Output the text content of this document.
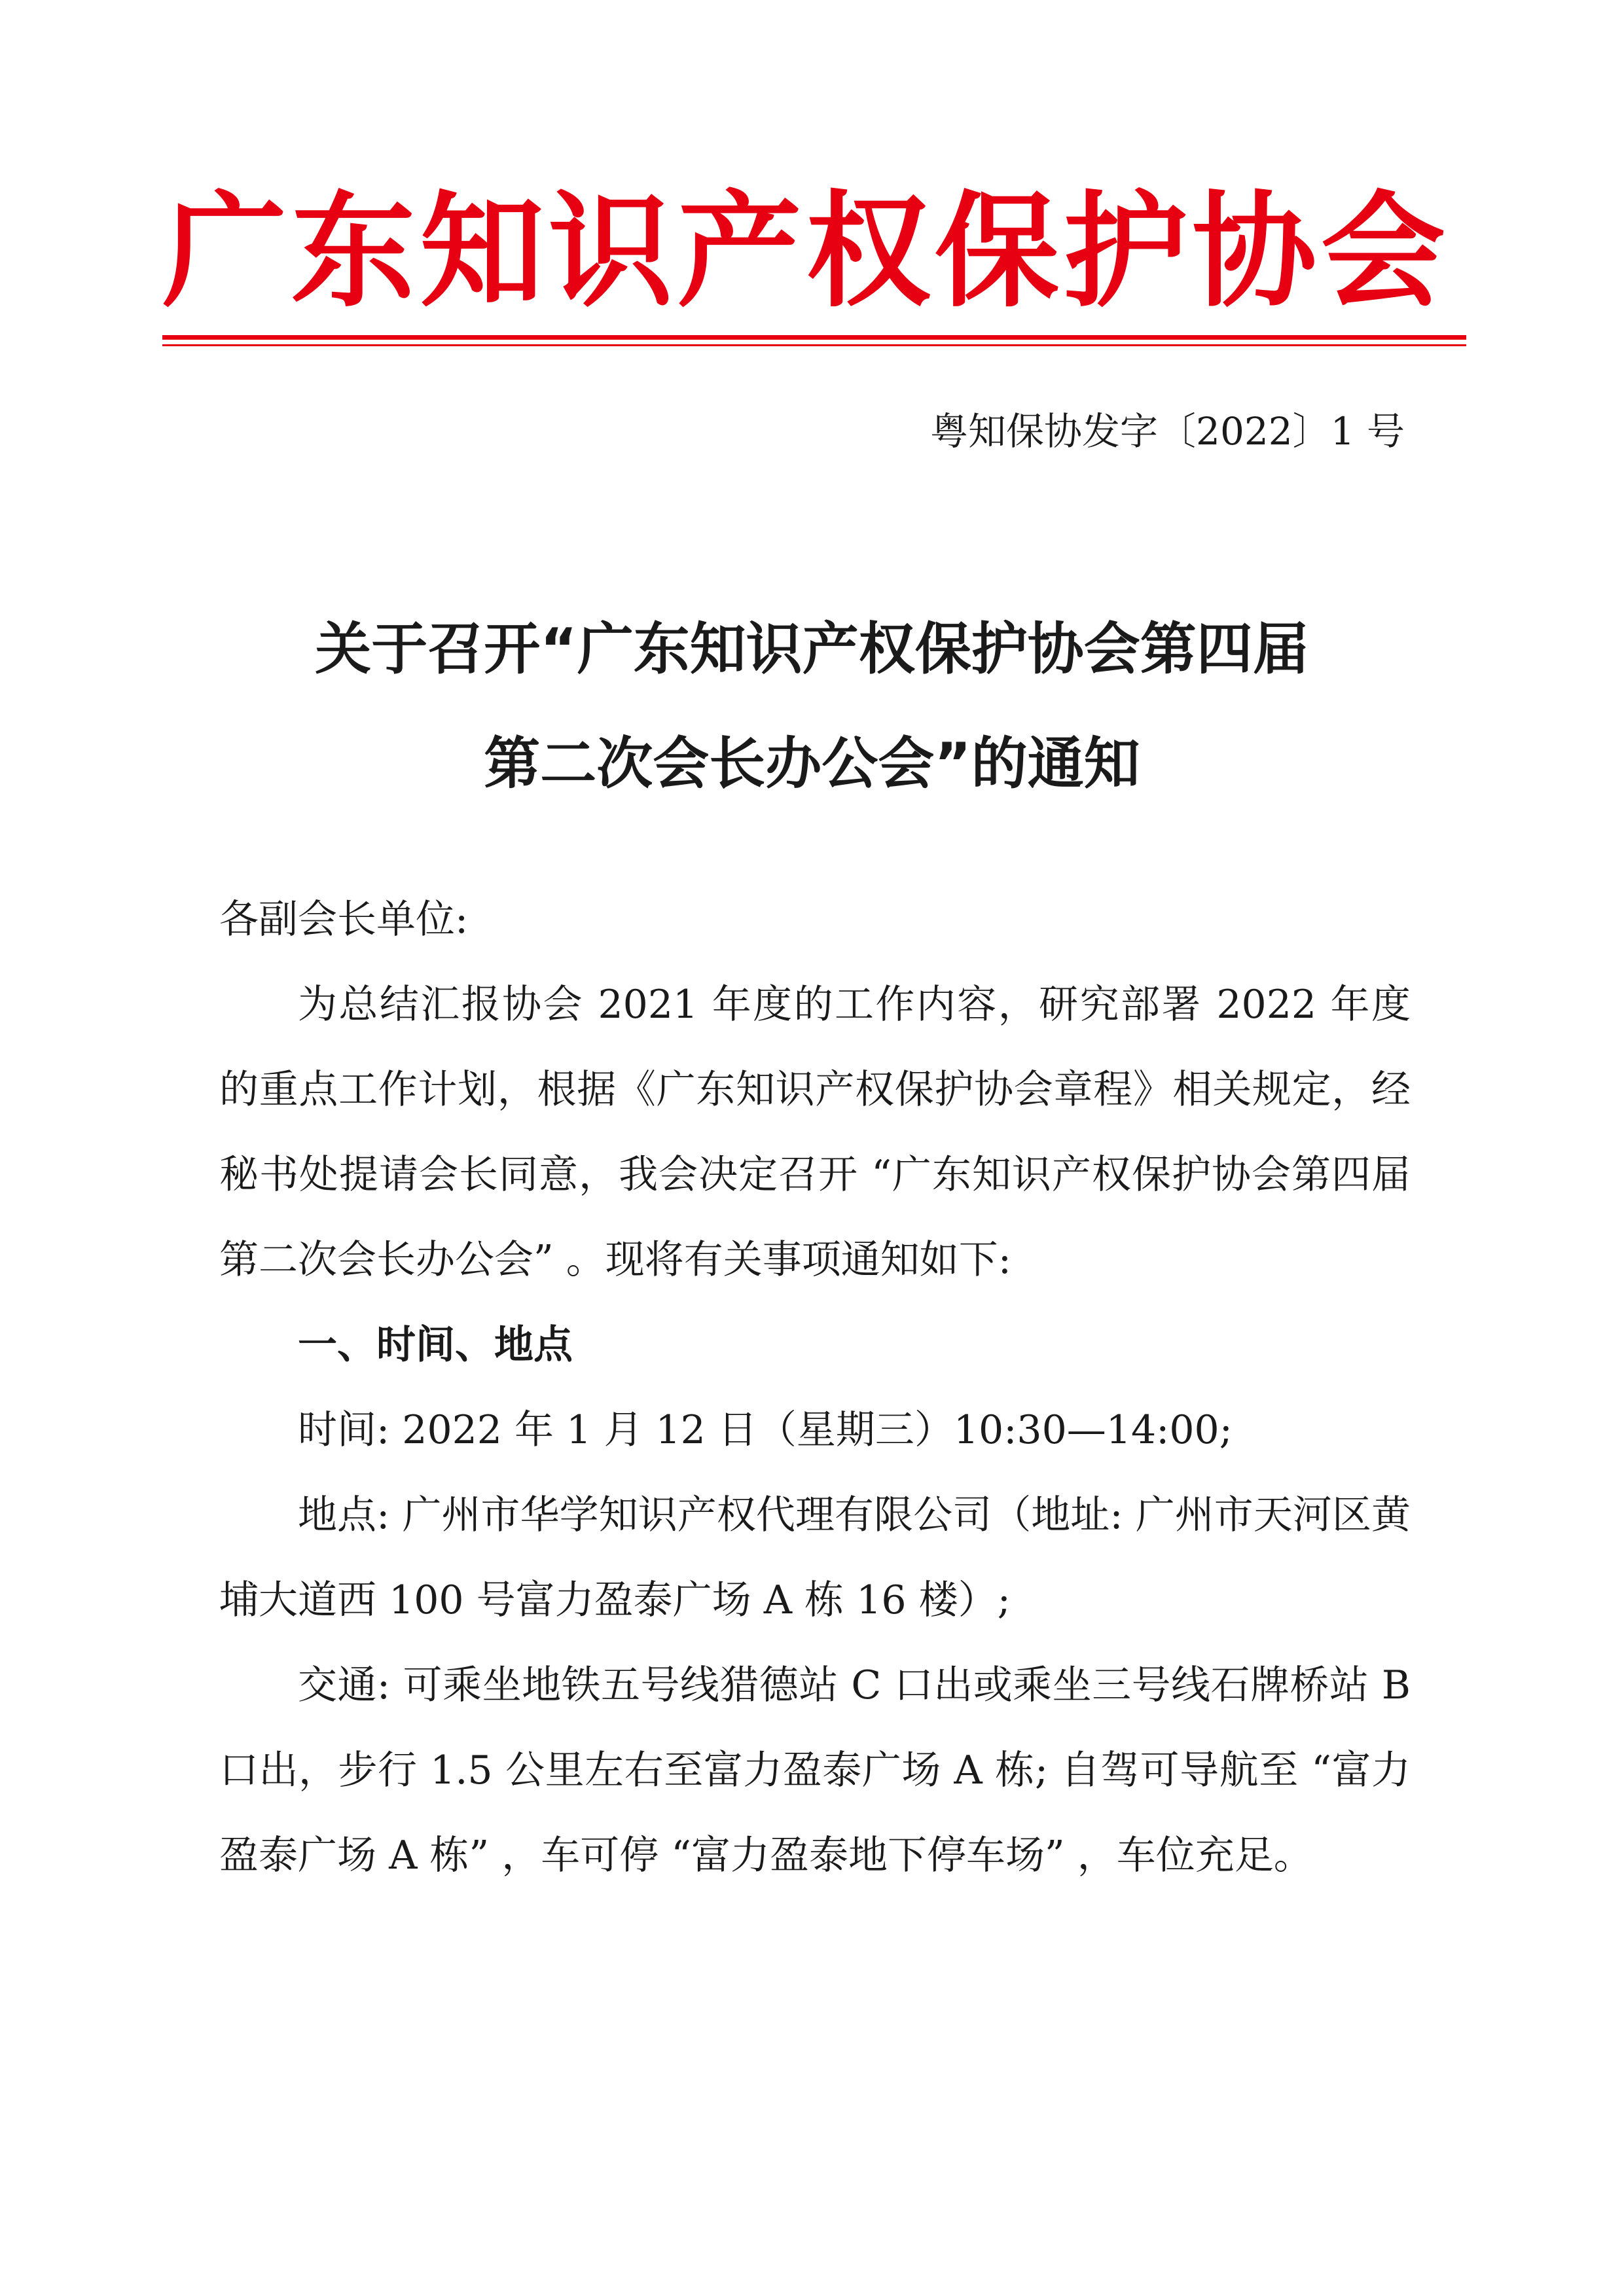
广 东 知 识 产 权 保 护 协 会
粤知保协发字〔2022〕1 号
关于召开“广东知识产权保护协会第四届
第二次会长办公会”的通知

各副会长单位:

为总结汇报协会 2021 年度的工作内容，研究部署 2022 年度的重点工作计划，根据《广东知识产权保护协会章程》相关规定，经秘书处提请会长同意，我会决定召开 “广东知识产权保护协会第四届第二次会长办公会” 。现将有关事项通知如下:

一、时间、地点

时间: 2022 年 1 月 12 日（星期三）10:30—14:00;

地点: 广州市华学知识产权代理有限公司（地址: 广州市天河区黄埔大道西 100 号富力盈泰广场 A 栋 16 楼）;

交通: 可乘坐地铁五号线猎德站 C 口出或乘坐三号线石牌桥站 B 口出，步行 1.5 公里左右至富力盈泰广场 A 栋; 自驾可导航至 “富力盈泰广场 A 栋” ，车可停 “富力盈泰地下停车场” ，车位充足。
